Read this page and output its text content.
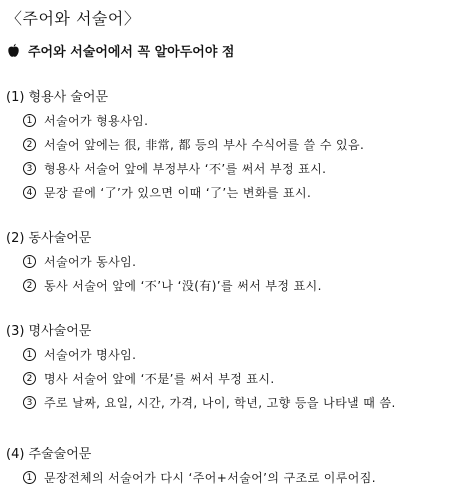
〈주어와 서술어〉
주어와 서술어에서 꼭 알아두어야 점
(1) 형용사 술어문
1 서술어가 형용사임.
2 서술어 앞에는 很, 非常, 都 등의 부사 수식어를 쓸 수 있음.
3 형용사 서술어 앞에 부정부사 ‘不’를 써서 부정 표시.
4 문장 끝에 ‘了’가 있으면 이때 ‘了’는 변화를 표시.
(2) 동사술어문
1 서술어가 동사임.
2 동사 서술어 앞에 ‘不’나 ‘没(有)’를 써서 부정 표시.
(3) 명사술어문
1 서술어가 명사임.
2 명사 서술어 앞에 ‘不是’를 써서 부정 표시.
3 주로 날짜, 요일, 시간, 가격, 나이, 학년, 고향 등을 나타낼 때 씀.
(4) 주술술어문
1 문장전체의 서술어가 다시 ‘주어+서술어’의 구조로 이루어짐.
